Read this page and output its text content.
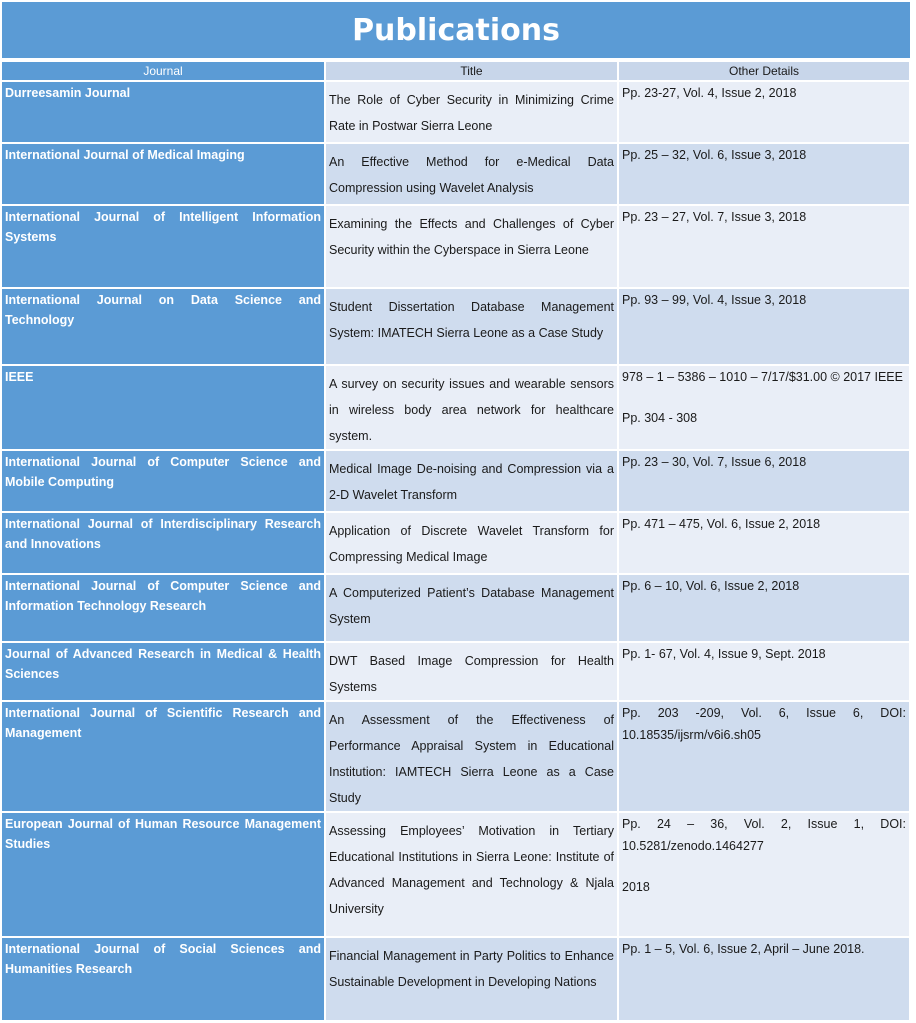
Publications
Journal	Title	Other Details
Durreesamin Journal	The Role of Cyber Security in Minimizing Crime Rate in Postwar Sierra Leone	Pp. 23-27, Vol. 4, Issue 2, 2018

International Journal of Medical Imaging	An Effective Method for e-Medical Data Compression using Wavelet Analysis	Pp. 25 – 32, Vol. 6, Issue 3, 2018

International Journal of Intelligent Information Systems	Examining the Effects and Challenges of Cyber Security within the Cyberspace in Sierra Leone	Pp. 23 – 27, Vol. 7, Issue 3, 2018

International Journal on Data Science and Technology	Student Dissertation Database Management System: IMATECH Sierra Leone as a Case Study	Pp. 93 – 99, Vol. 4, Issue 3, 2018

IEEE	A survey on security issues and wearable sensors in wireless body area network for healthcare system.	978 – 1 – 5386 – 1010 – 7/17/$31.00 © 2017 IEEE
Pp. 304 - 308

International Journal of Computer Science and Mobile Computing	Medical Image De-noising and Compression via a 2-D Wavelet Transform	Pp. 23 – 30, Vol. 7, Issue 6, 2018

International Journal of Interdisciplinary Research and Innovations	Application of Discrete Wavelet Transform for Compressing Medical Image	Pp. 471 – 475, Vol. 6, Issue 2, 2018

International Journal of Computer Science and Information Technology Research	A Computerized Patient’s Database Management System	Pp. 6 – 10, Vol. 6, Issue 2, 2018

Journal of Advanced Research in Medical & Health Sciences	DWT Based Image Compression for Health Systems	Pp. 1- 67, Vol. 4, Issue 9, Sept. 2018

International Journal of Scientific Research and Management	An Assessment of the Effectiveness of Performance Appraisal System in Educational Institution: IAMTECH Sierra Leone as a Case Study	Pp. 203 -209, Vol. 6, Issue 6, DOI: 10.18535/ijsrm/v6i6.sh05

European Journal of Human Resource Management Studies	Assessing Employees’ Motivation in Tertiary Educational Institutions in Sierra Leone: Institute of Advanced Management and Technology & Njala University	Pp. 24 – 36, Vol. 2, Issue 1, DOI: 10.5281/zenodo.1464277
2018

International Journal of Social Sciences and Humanities Research	Financial Management in Party Politics to Enhance Sustainable Development in Developing Nations	Pp. 1 – 5, Vol. 6, Issue 2, April – June 2018.
